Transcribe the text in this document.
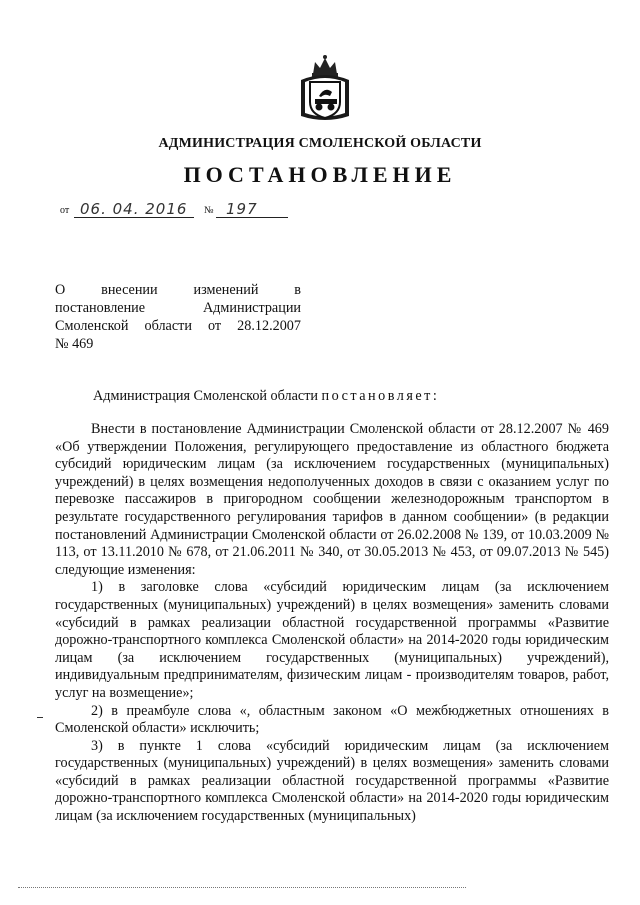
АДМИНИСТРАЦИЯ СМОЛЕНСКОЙ ОБЛАСТИ
ПОСТАНОВЛЕНИЕ
от 06. 04. 2016 № 197
О внесении изменений в
постановление Администрации
Смоленской области от 28.12.2007
№ 469
Администрация Смоленской области постановляет:

Внести в постановление Администрации Смоленской области от 28.12.2007 № 469 «Об утверждении Положения, регулирующего предоставление из областного бюджета субсидий юридическим лицам (за исключением государственных (муниципальных) учреждений) в целях возмещения недополученных доходов в связи с оказанием услуг по перевозке пассажиров в пригородном сообщении железнодорожным транспортом в результате государственного регулирования тарифов в данном сообщении» (в редакции постановлений Администрации Смоленской области от 26.02.2008 № 139, от 10.03.2009 № 113, от 13.11.2010 № 678, от 21.06.2011 № 340, от 30.05.2013 № 453, от 09.07.2013 № 545) следующие изменения:

1) в заголовке слова «субсидий юридическим лицам (за исключением государственных (муниципальных) учреждений) в целях возмещения» заменить словами «субсидий в рамках реализации областной государственной программы «Развитие дорожно-транспортного комплекса Смоленской области» на 2014-2020 годы юридическим лицам (за исключением государственных (муниципальных) учреждений), индивидуальным предпринимателям, физическим лицам - производителям товаров, работ, услуг на возмещение»;

2) в преамбуле слова «, областным законом «О межбюджетных отношениях в Смоленской области» исключить;

3) в пункте 1 слова «субсидий юридическим лицам (за исключением государственных (муниципальных) учреждений) в целях возмещения» заменить словами «субсидий в рамках реализации областной государственной программы «Развитие дорожно-транспортного комплекса Смоленской области» на 2014-2020 годы юридическим лицам (за исключением государственных (муниципальных)
